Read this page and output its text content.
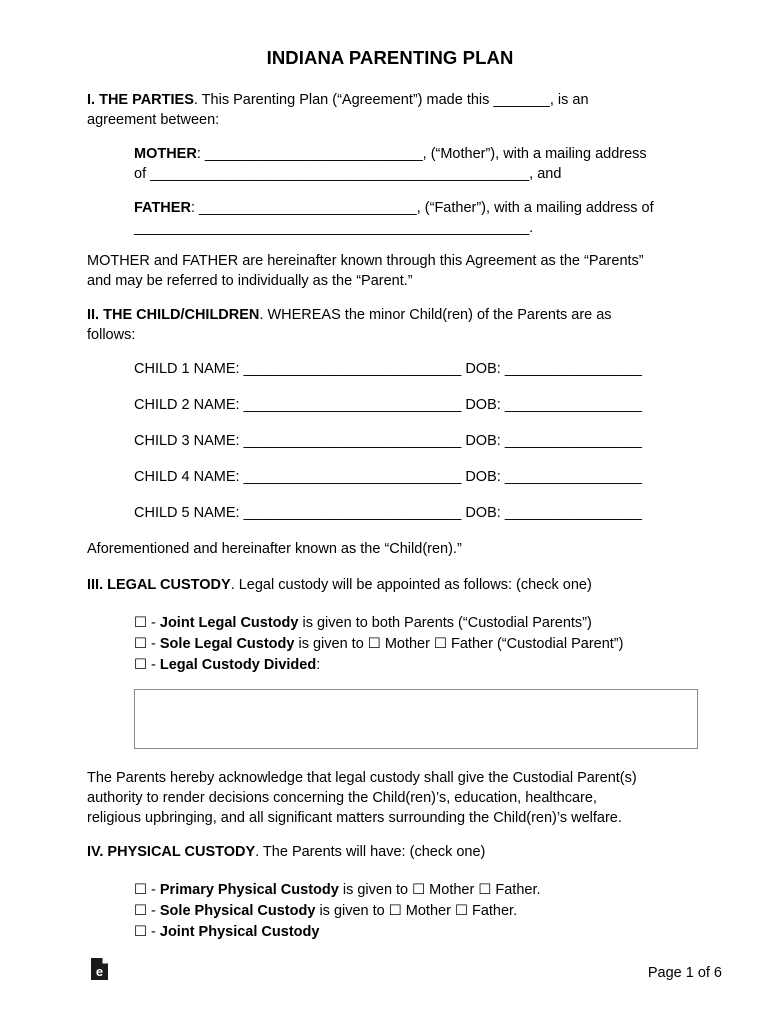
INDIANA PARENTING PLAN
I. THE PARTIES. This Parenting Plan (“Agreement”) made this _______, is an
agreement between:
MOTHER: ___________________________, (“Mother”), with a mailing address
of _______________________________________________, and
FATHER: ___________________________, (“Father”), with a mailing address of
_________________________________________________.
MOTHER and FATHER are hereinafter known through this Agreement as the “Parents”
and may be referred to individually as the “Parent.”
II. THE CHILD/CHILDREN. WHEREAS the minor Child(ren) of the Parents are as
follows:
CHILD 1 NAME: ___________________________ DOB: _________________
CHILD 2 NAME: ___________________________ DOB: _________________
CHILD 3 NAME: ___________________________ DOB: _________________
CHILD 4 NAME: ___________________________ DOB: _________________
CHILD 5 NAME: ___________________________ DOB: _________________
Aforementioned and hereinafter known as the “Child(ren).”
III. LEGAL CUSTODY. Legal custody will be appointed as follows: (check one)
☐ - Joint Legal Custody is given to both Parents (“Custodial Parents”)
☐ - Sole Legal Custody is given to ☐ Mother ☐ Father (“Custodial Parent”)
☐ - Legal Custody Divided:
The Parents hereby acknowledge that legal custody shall give the Custodial Parent(s)
authority to render decisions concerning the Child(ren)’s, education, healthcare,
religious upbringing, and all significant matters surrounding the Child(ren)’s welfare.
IV. PHYSICAL CUSTODY. The Parents will have: (check one)
☐ - Primary Physical Custody is given to ☐ Mother ☐ Father.
☐ - Sole Physical Custody is given to ☐ Mother ☐ Father.
☐ - Joint Physical Custody
e	Page 1 of 6
